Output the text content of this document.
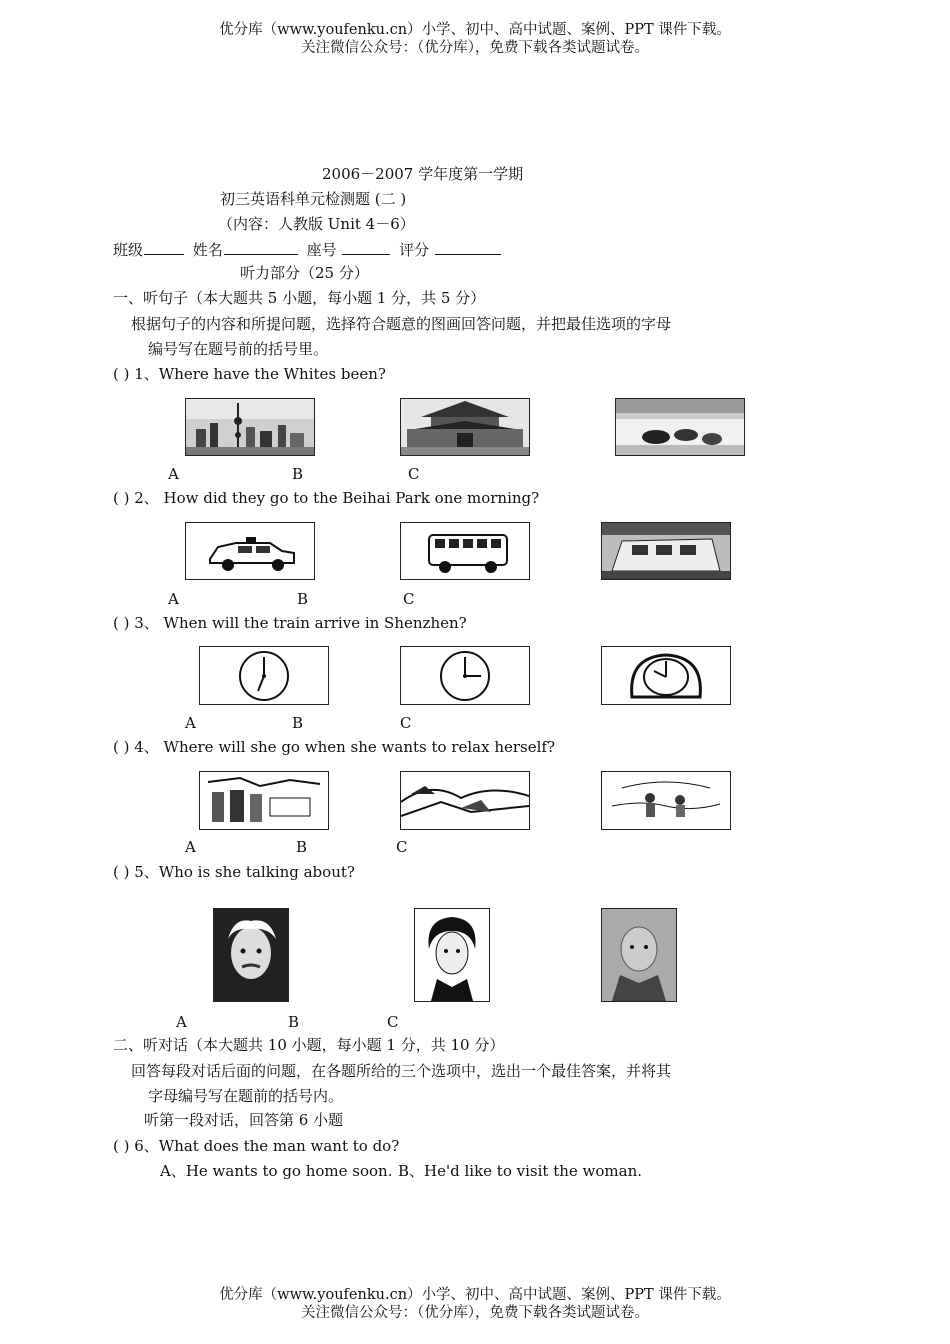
优分库（www.youfenku.cn）小学、初中、高中试题、案例、PPT 课件下载。
关注微信公众号：（优分库），免费下载各类试题试卷。
2006－2007 学年度第一学期
初三英语科单元检测题 (二 )
（内容：人教版 Unit 4－6）
班级	姓名	座号	评分
听力部分（25 分）
一、听句子（本大题共 5 小题，每小题 1 分，共 5 分）
根据句子的内容和所提问题，选择符合题意的图画回答问题，并把最佳选项的字母
编号写在题号前的括号里。
( ) 1、Where have the Whites been?
A	B	C
( ) 2、 How did they go to the Beihai Park one morning?
A	B	C
( ) 3、 When will the train arrive in Shenzhen?
A	B	C
( ) 4、 Where will she go when she wants to relax herself?
A	B	C
( ) 5、Who is she talking about?
A	B	C
二、听对话（本大题共 10 小题，每小题 1 分，共 10 分）
回答每段对话后面的问题，在各题所给的三个选项中，选出一个最佳答案，并将其
字母编号写在题前的括号内。
听第一段对话，回答第 6 小题
( ) 6、What does the man want to do?
A、He wants to go home soon. B、He'd like to visit the woman.
优分库（www.youfenku.cn）小学、初中、高中试题、案例、PPT 课件下载。
关注微信公众号：（优分库），免费下载各类试题试卷。
